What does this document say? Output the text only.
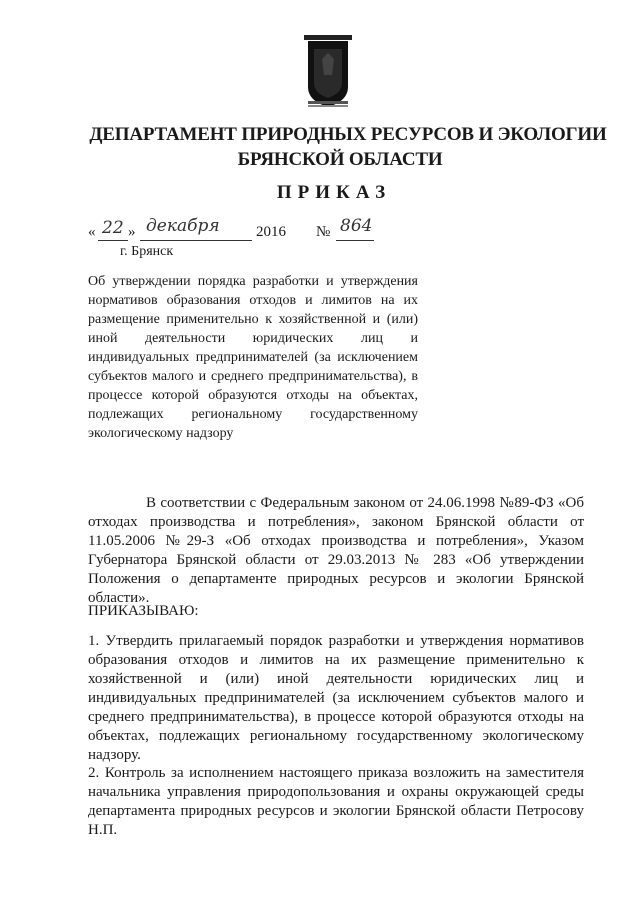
ДЕПАРТАМЕНТ ПРИРОДНЫХ РЕСУРСОВ И ЭКОЛОГИИ
БРЯНСКОЙ ОБЛАСТИ
ПРИКАЗ
« 22 » декабря 2016 № 864
г. Брянск

Об утверждении порядка разработки и утверждения нормативов образования отходов и лимитов на их размещение применительно к хозяйственной и (или) иной деятельности юридических лиц и индивидуальных предпринимателей (за исключением субъектов малого и среднего предпринимательства), в процессе которой образуются отходы на объектах, подлежащих региональному государственному экологическому надзору

В соответствии с Федеральным законом от 24.06.1998 №89-ФЗ «Об отходах производства и потребления», законом Брянской области от 11.05.2006 №29-З «Об отходах производства и потребления», Указом Губернатора Брянской области от 29.03.2013 № 283 «Об утверждении Положения о департаменте природных ресурсов и экологии Брянской области».

ПРИКАЗЫВАЮ:

1. Утвердить прилагаемый порядок разработки и утверждения нормативов образования отходов и лимитов на их размещение применительно к хозяйственной и (или) иной деятельности юридических лиц и индивидуальных предпринимателей (за исключением субъектов малого и среднего предпринимательства), в процессе которой образуются отходы на объектах, подлежащих региональному государственному экологическому надзору.

2. Контроль за исполнением настоящего приказа возложить на заместителя начальника управления природопользования и охраны окружающей среды департамента природных ресурсов и экологии Брянской области Петросову Н.П.
